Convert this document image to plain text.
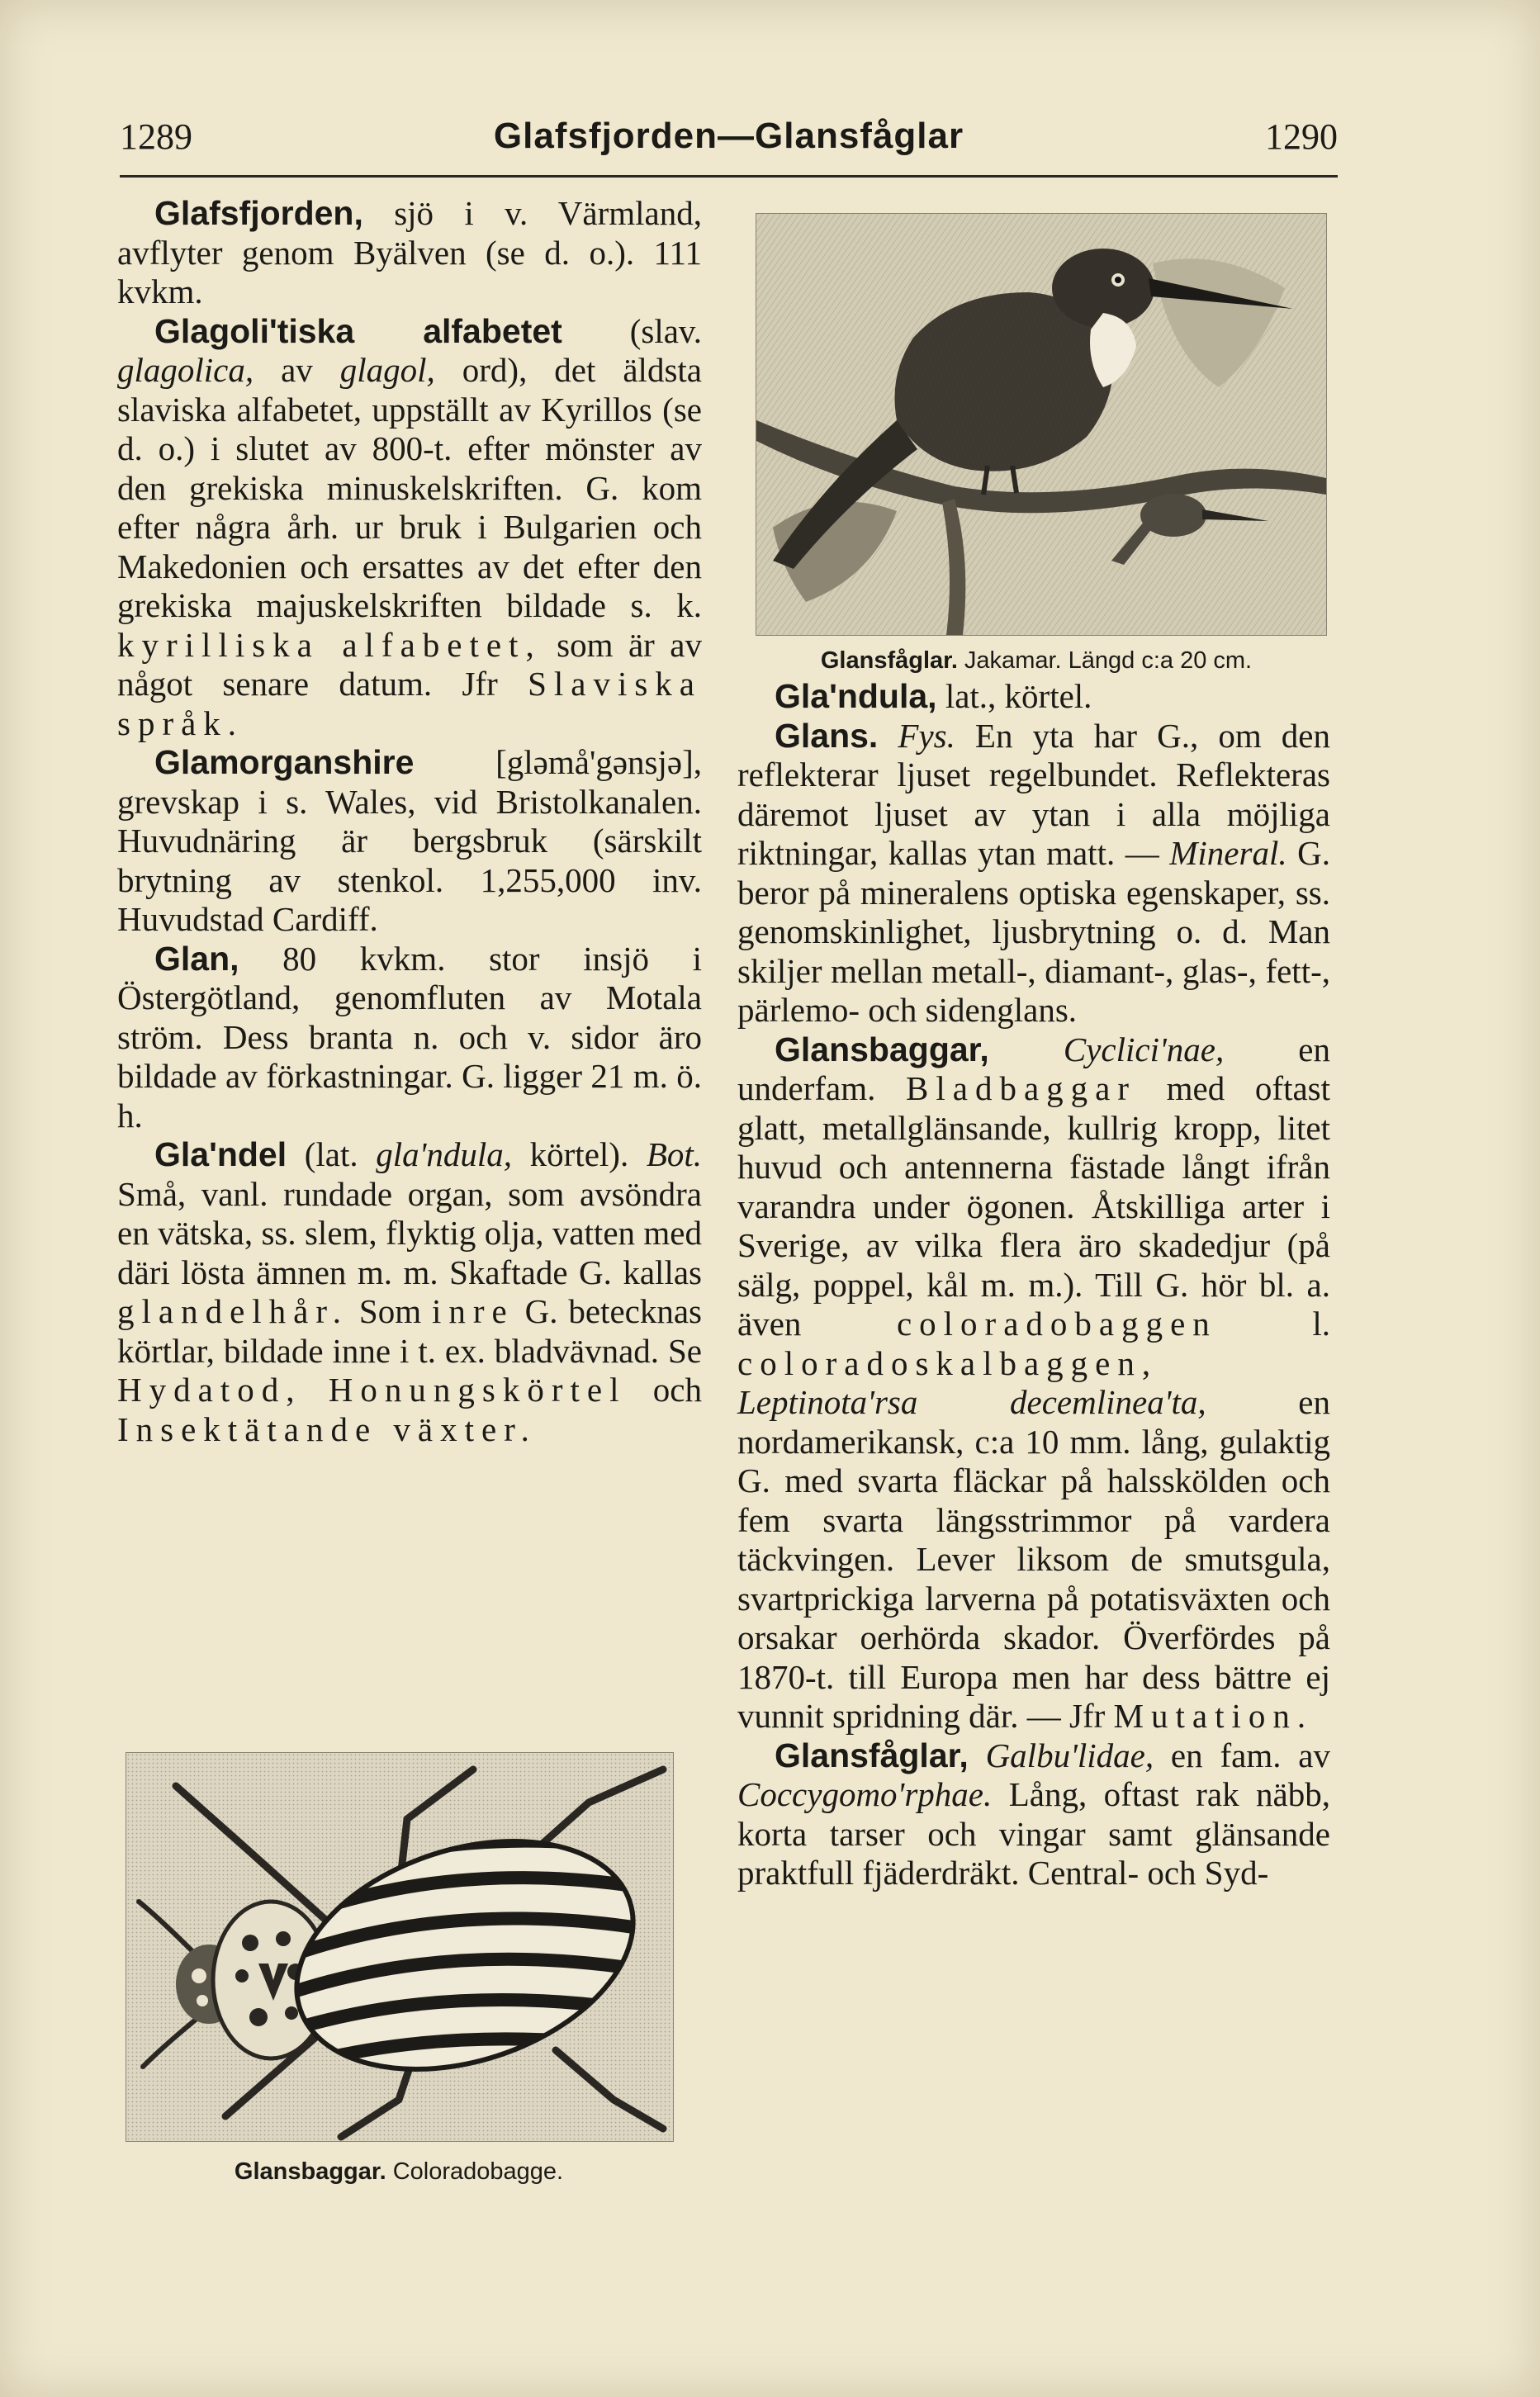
1289	Glafsfjorden—Glansfåglar	1290

Glafsfjorden, sjö i v. Värmland, avflyter genom Byälven (se d. o.). 111 kvkm.

Glagoli'tiska alfabetet (slav. glagolica, av glagol, ord), det äldsta slaviska alfabetet, uppställt av Kyrillos (se d. o.) i slutet av 800-t. efter mönster av den grekiska minuskelskriften. G. kom efter några årh. ur bruk i Bulgarien och Makedonien och ersattes av det efter den grekiska majuskelskriften bildade s. k. kyrilliska alfabetet, som är av något senare datum. Jfr Slaviska språk.

Glamorganshire [glәmå'gәnsjә], grevskap i s. Wales, vid Bristolkanalen. Huvudnäring är bergsbruk (särskilt brytning av stenkol. 1,255,000 inv. Huvudstad Cardiff.

Glan, 80 kvkm. stor insjö i Östergötland, genomfluten av Motala ström. Dess branta n. och v. sidor äro bildade av förkastningar. G. ligger 21 m. ö. h.

Gla'ndel (lat. gla'ndula, körtel). Bot. Små, vanl. rundade organ, som avsöndra en vätska, ss. slem, flyktig olja, vatten med däri lösta ämnen m. m. Skaftade G. kallas glandelhår. Som inre G. betecknas körtlar, bildade inne i t. ex. bladvävnad. Se Hydatod, Honungskörtel och Insektätande växter.

Glansfåglar. Jakamar. Längd c:a 20 cm.

Gla'ndula, lat., körtel.

Glans. Fys. En yta har G., om den reflekterar ljuset regelbundet. Reflekteras däremot ljuset av ytan i alla möjliga riktningar, kallas ytan matt. — Mineral. G. beror på mineralens optiska egenskaper, ss. genomskinlighet, ljusbrytning o. d. Man skiljer mellan metall-, diamant-, glas-, fett-, pärlemo- och sidenglans.

Glansbaggar, Cyclici'nae, en underfam. Bladbaggar med oftast glatt, metallglänsande, kullrig kropp, litet huvud och antennerna fästade långt ifrån varandra under ögonen. Åtskilliga arter i Sverige, av vilka flera äro skadedjur (på sälg, poppel, kål m. m.). Till G. hör bl. a. även coloradobaggen l. coloradoskalbaggen, Leptinota'rsa decemlinea'ta, en nordamerikansk, c:a 10 mm. lång, gulaktig G. med svarta fläckar på halsskölden och fem svarta längsstrimmor på vardera täckvingen. Lever liksom de smutsgula, svartprickiga larverna på potatisväxten och orsakar oerhörda skador. Överfördes på 1870-t. till Europa men har dess bättre ej vunnit spridning där. — Jfr Mutation.

Glansfåglar, Galbu'lidae, en fam. av Coccygomo'rphae. Lång, oftast rak näbb, korta tarser och vingar samt glänsande praktfull fjäderdräkt. Central- och Syd-

Glansbaggar. Coloradobagge.
